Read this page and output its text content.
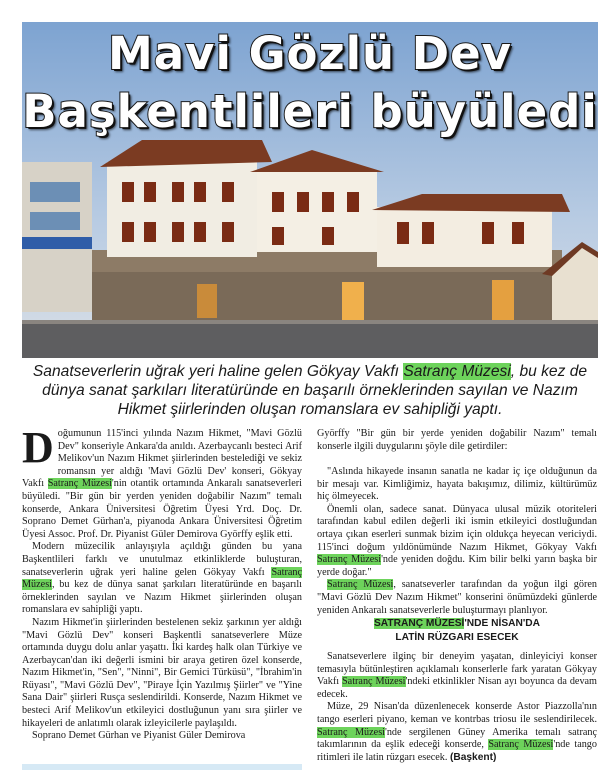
Mavi Gözlü Dev
Başkentlileri büyüledi
Sanatseverlerin uğrak yeri haline gelen Gökyay Vakfı Satranç Müzesi, bu kez de dünya sanat şarkıları literatüründe en başarılı örneklerinden sayılan ve Nazım Hikmet şiirlerinden oluşan romanslara ev sahipliği yaptı.

Doğumunun 115'inci yılında Nazım Hikmet, "Mavi Gözlü Dev" konseriyle Ankara'da anıldı. Azerbaycanlı besteci Arif Melikov'un Nazım Hikmet şiirlerinden bestelediği ve sekiz romansın yer aldığı 'Mavi Gözlü Dev' konseri, Gökyay Vakfı Satranç Müzesi'nin otantik ortamında Ankaralı sanatseverleri büyüledi. "Bir gün bir yerden yeniden doğabilir Nazım" temalı konserde, Ankara Üniversitesi Öğretim Üyesi Yrd. Doç. Dr. Soprano Demet Gürhan'a, piyanoda Ankara Üniversitesi Öğretim Üyesi Assoc. Prof. Dr. Piyanist Güler Demirova Györffy eşlik etti.

Modern müzecilik anlayışıyla açıldığı günden bu yana Başkentlileri farklı ve unutulmaz etkinliklerde buluşturan, sanatseverlerin uğrak yeri haline gelen Gökyay Vakfı Satranç Müzesi, bu kez de dünya sanat şarkıları literatüründe en başarılı örneklerinden sayılan ve Nazım Hikmet şiirlerinden oluşan romanslara ev sahipliği yaptı.

Nazım Hikmet'in şiirlerinden bestelenen sekiz şarkının yer aldığı "Mavi Gözlü Dev" konseri Başkentli sanatseverlere Müze ortamında duygu dolu anlar yaşattı. İki kardeş halk olan Türkiye ve Azerbaycan'dan iki değerli ismini bir araya getiren özel konserde, Nazım Hikmet'in, "Sen", "Ninni", Bir Gemici Türküsü", "İbrahim'in Rüyası", "Mavi Gözlü Dev", "Piraye İçin Yazılmış Şiirler" ve "Yine Sana Dair" şiirleri Rusça seslendirildi. Konserde, Nazım Hikmet ve besteci Arif Melikov'un etkileyici dostluğunun yanı sıra şiirler ve hikayeleri de anlatımlı olarak izleyicilerle paylaşıldı.

Soprano Demet Gürhan ve Piyanist Güler Demirova

Györffy "Bir gün bir yerde yeniden doğabilir Nazım" temalı konserle ilgili duygularını şöyle dile getirdiler:

"Aslında hikayede insanın sanatla ne kadar iç içe olduğunun da bir mesajı var. Kimliğimiz, hayata bakışımız, dilimiz, kültürümüz hiç ölmeyecek.

Önemli olan, sadece sanat. Dünyaca ulusal müzik otoriteleri tarafından kabul edilen değerli iki ismin etkileyici dostluğundan ortaya çıkan eserleri sunmak bizim için oldukça heyecan vericiydi. 115'inci doğum yıldönümünde Nazım Hikmet, Gökyay Vakfı Satranç Müzesi'nde yeniden doğdu. Kim bilir belki yarın başka bir yerde doğar."

Satranç Müzesi, sanatseverler tarafından da yoğun ilgi gören "Mavi Gözlü Dev Nazım Hikmet" konserini önümüzdeki günlerde yeniden Ankaralı sanatseverlerle buluşturmayı planlıyor.

SATRANÇ MÜZESİ'NDE NİSAN'DA
LATİN RÜZGARI ESECEK

Sanatseverlere ilginç bir deneyim yaşatan, dinleyiciyi konser temasıyla bütünleştiren açıklamalı konserlerle fark yaratan Gökyay Vakfı Satranç Müzesi'ndeki etkinlikler Nisan ayı boyunca da devam edecek.

Müze, 29 Nisan'da düzenlenecek konserde Astor Piazzolla'nın tango eserleri piyano, keman ve kontrbas triosu ile seslendirilecek. Satranç Müzesi'nde sergilenen Güney Amerika temalı satranç takımlarının da eşlik edeceği konserde, Satranç Müzesi'nde tango ritimleri ile latin rüzgarı esecek. (Başkent)
